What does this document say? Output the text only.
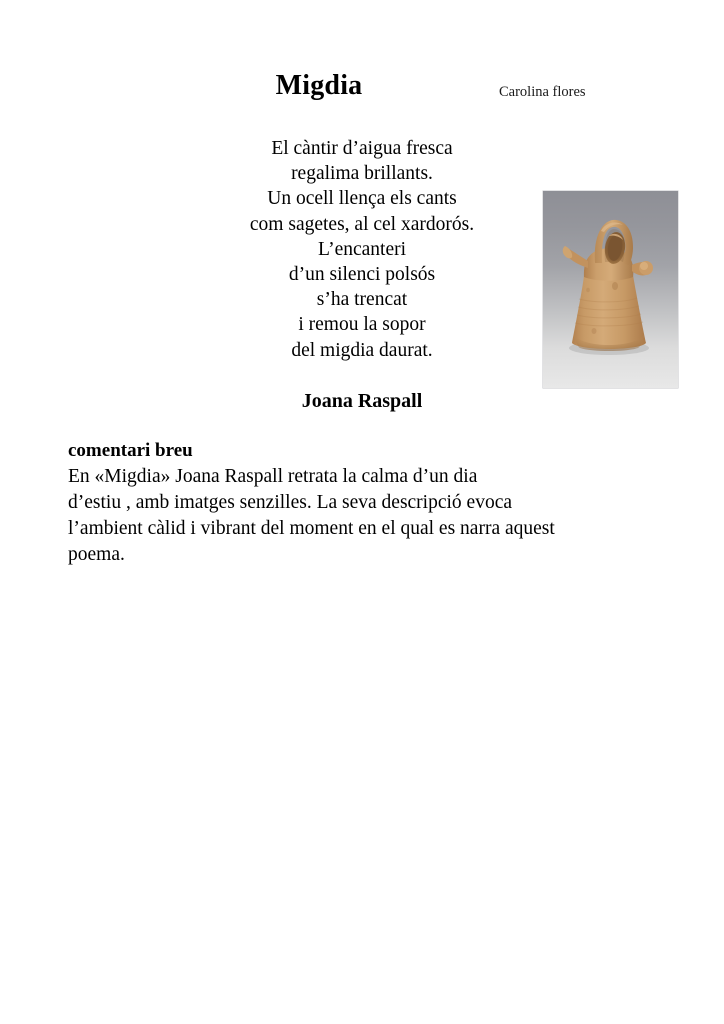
Migdia	Carolina flores
El càntir d’aigua fresca
regalima brillants.
Un ocell llença els cants
com sagetes, al cel xardorós.
L’encanteri
d’un silenci polsós
s’ha trencat
i remou la sopor
del migdia daurat.
Joana Raspall
comentari breu
En «Migdia» Joana Raspall retrata la calma d’un dia
d’estiu , amb imatges senzilles. La seva descripció evoca
l’ambient càlid i vibrant del moment en el qual es narra aquest
poema.
